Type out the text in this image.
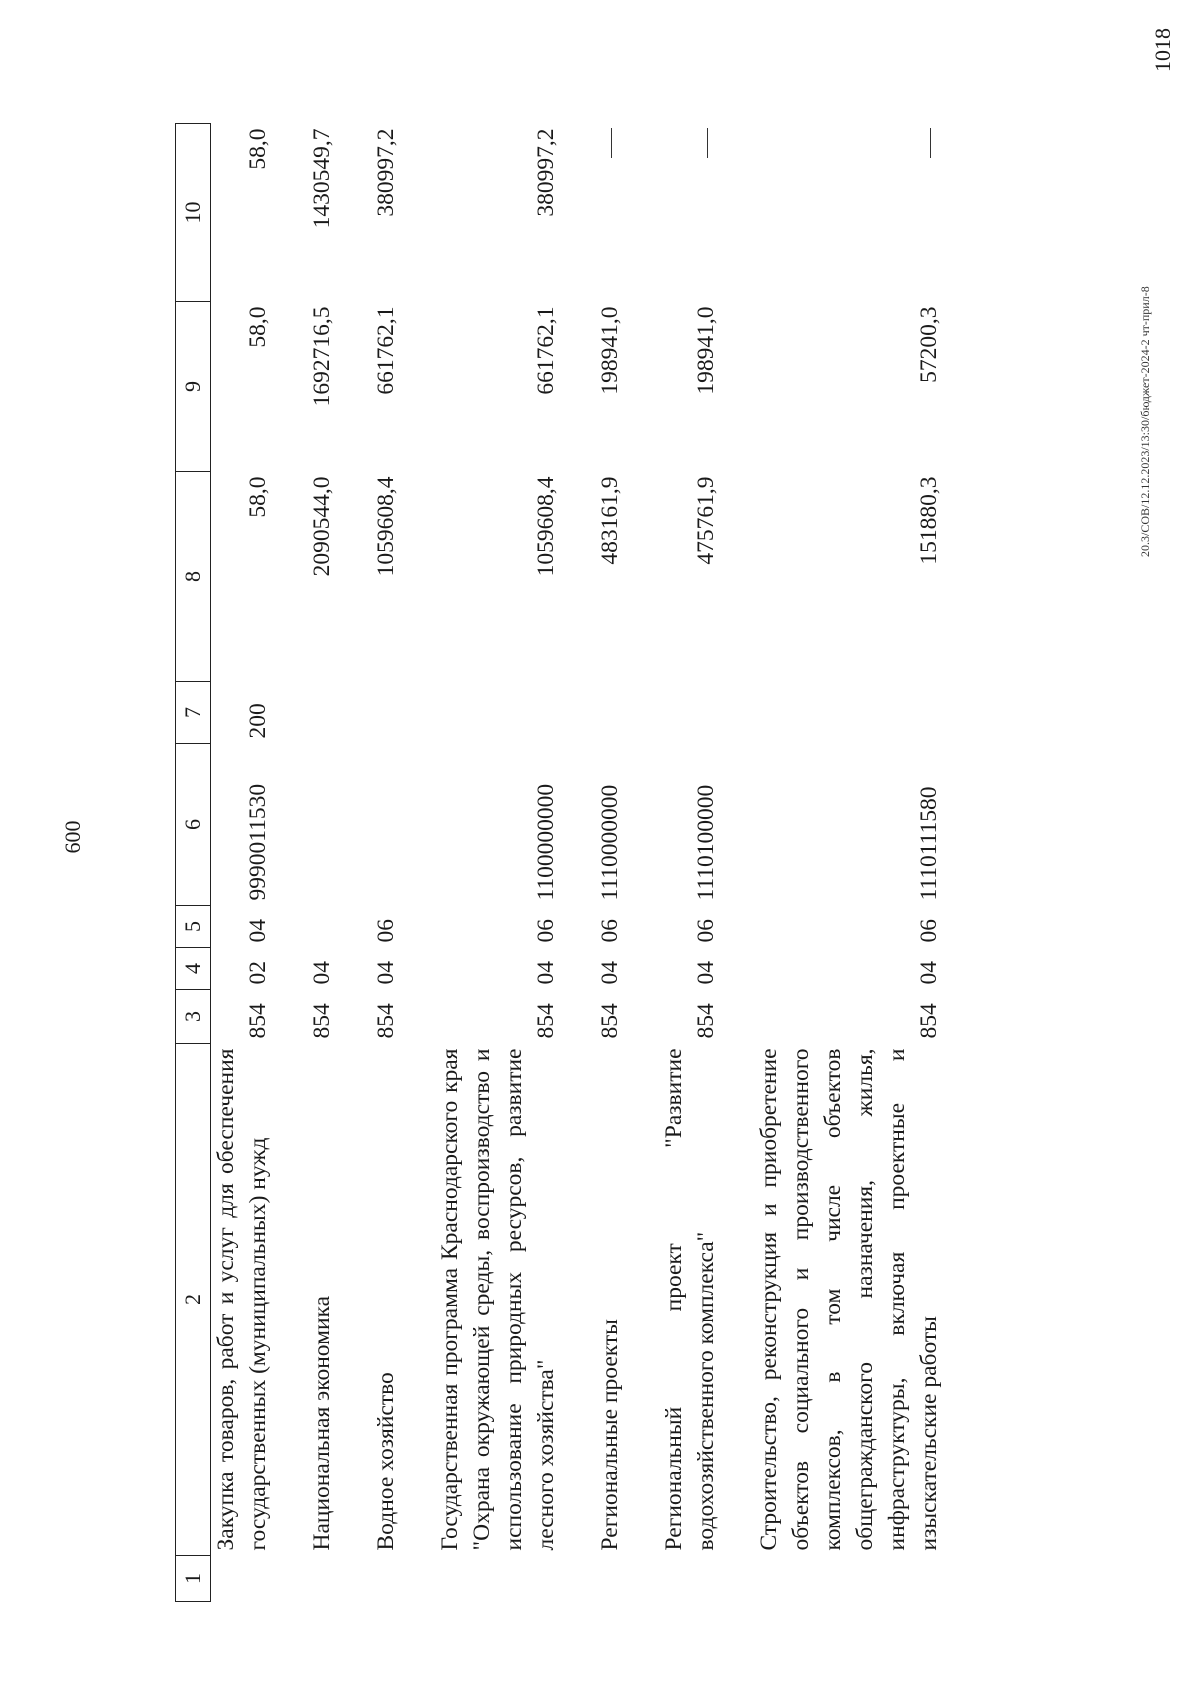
600
1	2	3	4	5	6	7	8	9	10
	Закупка товаров, работ и услуг для обеспечения государственных (муниципальных) нужд	854	02	04	9990011530	200	58,0	58,0	58,0
	Национальная экономика	854	04				2090544,0	1692716,5	1430549,7
	Водное хозяйство	854	04	06			1059608,4	661762,1	380997,2
	Государственная программа Краснодарского края "Охрана окружающей среды, воспроизводство и использование природных ресурсов, развитие лесного хозяйства"	854	04	06	1100000000		1059608,4	661762,1	380997,2
	Региональные проекты	854	04	06	1110000000		483161,9	198941,0	
	Региональный проект "Развитие водохозяйственного комплекса"	854	04	06	1110100000		475761,9	198941,0	
	Строительство, реконструкция и приобретение объектов социального и производственного комплексов, в том числе объектов общегражданского назначения, жилья, инфраструктуры, включая проектные и изыскательские работы	854	04	06	1110111580		151880,3	57200,3		20.3/СОВ/12.12.2023/13:30/бюджет-2024-2 чт-прил-8
1018
